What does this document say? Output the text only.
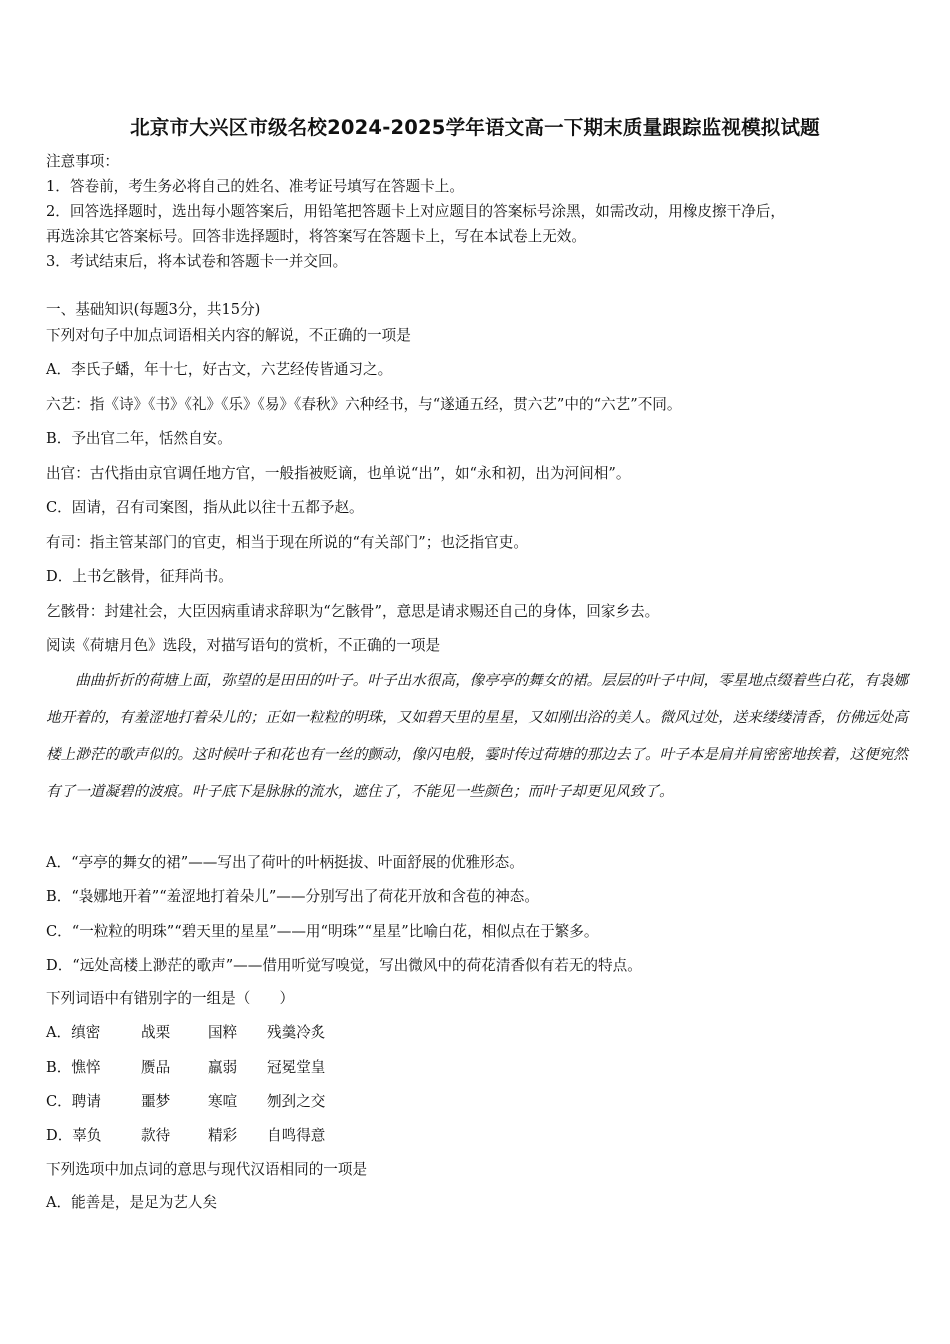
北京市大兴区市级名校2024-2025学年语文高一下期末质量跟踪监视模拟试题
注意事项：
1．答卷前，考生务必将自己的姓名、准考证号填写在答题卡上。
2．回答选择题时，选出每小题答案后，用铅笔把答题卡上对应题目的答案标号涂黑，如需改动，用橡皮擦干净后，
再选涂其它答案标号。回答非选择题时，将答案写在答题卡上，写在本试卷上无效。
3．考试结束后，将本试卷和答题卡一并交回。
一、基础知识(每题3分，共15分)
下列对句子中加点词语相关内容的解说，不正确的一项是
A．李氏子蟠，年十七，好古文，六艺经传皆通习之。
六艺：指《诗》《书》《礼》《乐》《易》《春秋》六种经书，与“遂通五经，贯六艺”中的“六艺”不同。
B．予出官二年，恬然自安。
出官：古代指由京官调任地方官，一般指被贬谪，也单说“出”，如“永和初，出为河间相”。
C．固请，召有司案图，指从此以往十五都予赵。
有司：指主管某部门的官吏，相当于现在所说的“有关部门”；也泛指官吏。
D．上书乞骸骨，征拜尚书。
乞骸骨：封建社会，大臣因病重请求辞职为“乞骸骨”，意思是请求赐还自己的身体，回家乡去。
阅读《荷塘月色》选段，对描写语句的赏析，不正确的一项是
曲曲折折的荷塘上面，弥望的是田田的叶子。叶子出水很高，像亭亭的舞女的裙。层层的叶子中间，零星地点缀着些白花，有袅娜地开着的，有羞涩地打着朵儿的；正如一粒粒的明珠，又如碧天里的星星，又如刚出浴的美人。微风过处，送来缕缕清香，仿佛远处高楼上渺茫的歌声似的。这时候叶子和花也有一丝的颤动，像闪电般，霎时传过荷塘的那边去了。叶子本是肩并肩密密地挨着，这便宛然有了一道凝碧的波痕。叶子底下是脉脉的流水，遮住了，不能见一些颜色；而叶子却更见风致了。
A．“亭亭的舞女的裙”——写出了荷叶的叶柄挺拔、叶面舒展的优雅形态。
B．“袅娜地开着”“羞涩地打着朵儿”——分别写出了荷花开放和含苞的神态。
C．“一粒粒的明珠”“碧天里的星星”——用“明珠”“星星”比喻白花，相似点在于繁多。
D．“远处高楼上渺茫的歌声”——借用听觉写嗅觉，写出微风中的荷花清香似有若无的特点。
下列词语中有错别字的一组是（　　）
A．缜密	战栗	国粹 残羹冷炙
B．憔悴	赝品	羸弱 冠冕堂皇
C．聘请	噩梦	寒喧 刎刭之交
D．辜负	款待	精彩 自鸣得意
下列选项中加点词的意思与现代汉语相同的一项是
A．能善是，是足为艺人矣
